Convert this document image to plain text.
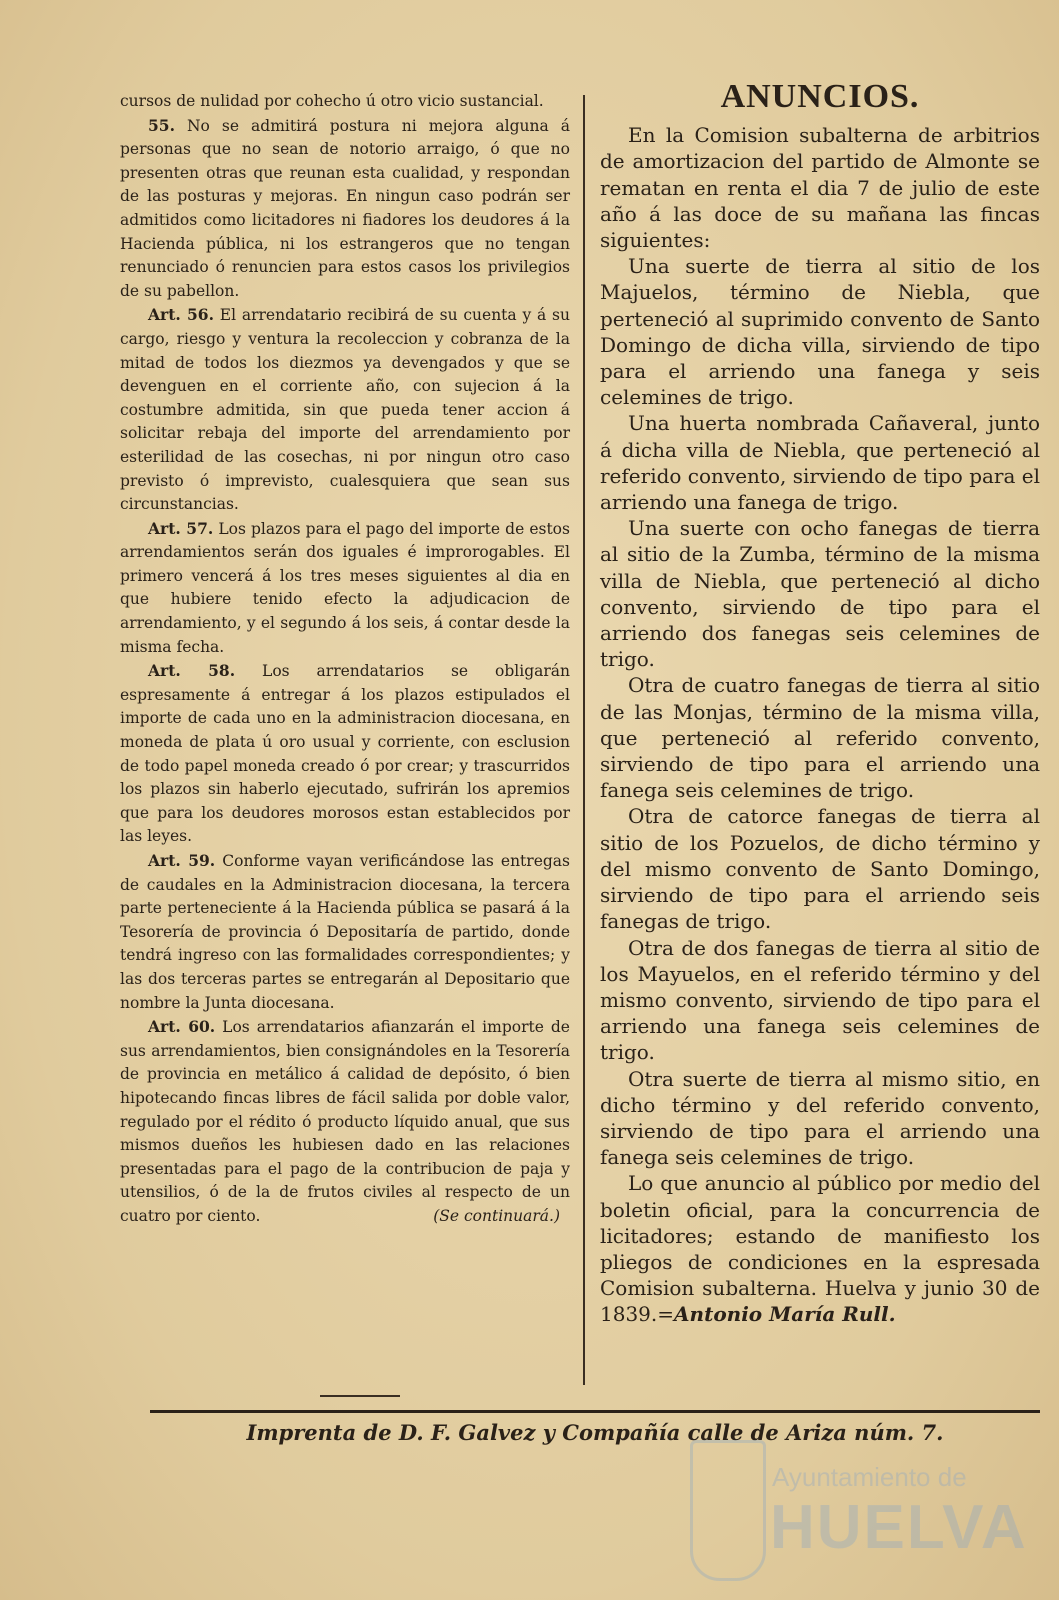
cursos de nulidad por cohecho ú otro vicio sustancial.

55. No se admitirá postura ni mejora alguna á personas que no sean de notorio arraigo, ó que no presenten otras que reunan esta cualidad, y respondan de las posturas y mejoras. En ningun caso podrán ser admitidos como licitadores ni fiadores los deudores á la Hacienda pública, ni los estrangeros que no tengan renunciado ó renuncien para estos casos los privilegios de su pabellon.

Art. 56. El arrendatario recibirá de su cuenta y á su cargo, riesgo y ventura la recoleccion y cobranza de la mitad de todos los diezmos ya devengados y que se devenguen en el corriente año, con sujecion á la costumbre admitida, sin que pueda tener accion á solicitar rebaja del importe del arrendamiento por esterilidad de las cosechas, ni por ningun otro caso previsto ó imprevisto, cualesquiera que sean sus circunstancias.

Art. 57. Los plazos para el pago del importe de estos arrendamientos serán dos iguales é improrogables. El primero vencerá á los tres meses siguientes al dia en que hubiere tenido efecto la adjudicacion de arrendamiento, y el segundo á los seis, á contar desde la misma fecha.

Art. 58. Los arrendatarios se obligarán espresamente á entregar á los plazos estipulados el importe de cada uno en la administracion diocesana, en moneda de plata ú oro usual y corriente, con esclusion de todo papel moneda creado ó por crear; y trascurridos los plazos sin haberlo ejecutado, sufrirán los apremios que para los deudores morosos estan establecidos por las leyes.

Art. 59. Conforme vayan verificándose las entregas de caudales en la Administracion diocesana, la tercera parte perteneciente á la Hacienda pública se pasará á la Tesorería de provincia ó Depositaría de partido, donde tendrá ingreso con las formalidades correspondientes; y las dos terceras partes se entregarán al Depositario que nombre la Junta diocesana.

Art. 60. Los arrendatarios afianzarán el importe de sus arrendamientos, bien consignándoles en la Tesorería de provincia en metálico á calidad de depósito, ó bien hipotecando fincas libres de fácil salida por doble valor, regulado por el rédito ó producto líquido anual, que sus mismos dueños les hubiesen dado en las relaciones presentadas para el pago de la contribucion de paja y utensilios, ó de la de frutos civiles al respecto de un cuatro por ciento.	(Se continuará.)

ANUNCIOS.

En la Comision subalterna de arbitrios de amortizacion del partido de Almonte se rematan en renta el dia 7 de julio de este año á las doce de su mañana las fincas siguientes:

Una suerte de tierra al sitio de los Majuelos, término de Niebla, que perteneció al suprimido convento de Santo Domingo de dicha villa, sirviendo de tipo para el arriendo una fanega y seis celemines de trigo.

Una huerta nombrada Cañaveral, junto á dicha villa de Niebla, que perteneció al referido convento, sirviendo de tipo para el arriendo una fanega de trigo.

Una suerte con ocho fanegas de tierra al sitio de la Zumba, término de la misma villa de Niebla, que perteneció al dicho convento, sirviendo de tipo para el arriendo dos fanegas seis celemines de trigo.

Otra de cuatro fanegas de tierra al sitio de las Monjas, término de la misma villa, que perteneció al referido convento, sirviendo de tipo para el arriendo una fanega seis celemines de trigo.

Otra de catorce fanegas de tierra al sitio de los Pozuelos, de dicho término y del mismo convento de Santo Domingo, sirviendo de tipo para el arriendo seis fanegas de trigo.

Otra de dos fanegas de tierra al sitio de los Mayuelos, en el referido término y del mismo convento, sirviendo de tipo para el arriendo una fanega seis celemines de trigo.

Otra suerte de tierra al mismo sitio, en dicho término y del referido convento, sirviendo de tipo para el arriendo una fanega seis celemines de trigo.

Lo que anuncio al público por medio del boletin oficial, para la concurrencia de licitadores; estando de manifiesto los pliegos de condiciones en la espresada Comision subalterna. Huelva y junio 30 de 1839.=Antonio María Rull.

Imprenta de D. F. Galvez y Compañía calle de Ariza núm. 7.
Ayuntamiento de
HUELVA
